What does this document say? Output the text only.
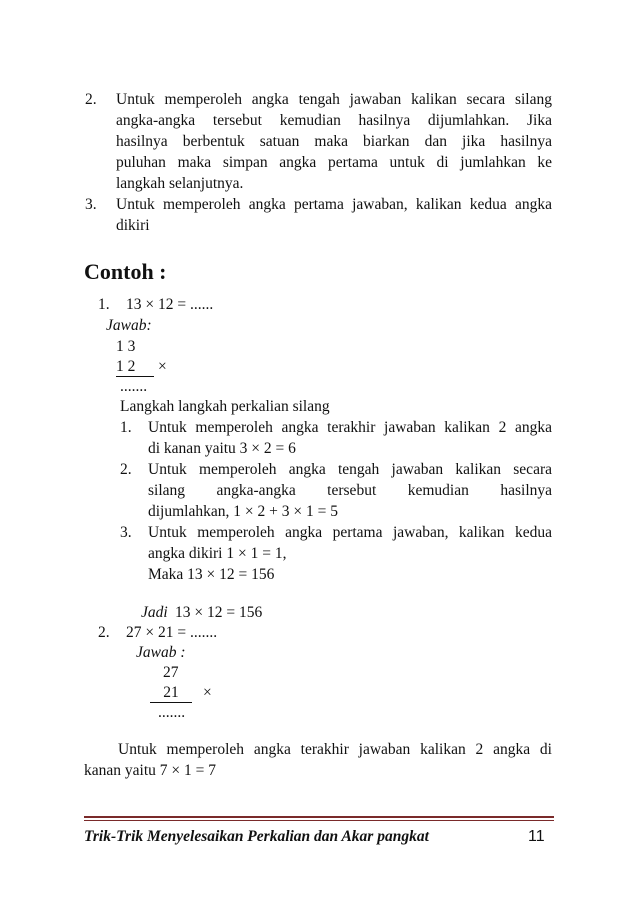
2. Untuk memperoleh angka tengah jawaban kalikan secara silang
angka-angka tersebut kemudian hasilnya dijumlahkan. Jika
hasilnya berbentuk satuan maka biarkan dan jika hasilnya
puluhan maka simpan angka pertama untuk di jumlahkan ke
langkah selanjutnya.
3. Untuk memperoleh angka pertama jawaban, kalikan kedua angka
dikiri
Contoh :
1. 13 × 12 = ......
Jawab:
1 3
1 2	×
.......
Langkah langkah perkalian silang
1. Untuk memperoleh angka terakhir jawaban kalikan 2 angka
di kanan yaitu 3 × 2 = 6
2. Untuk memperoleh angka tengah jawaban kalikan secara
silang angka-angka tersebut kemudian hasilnya
dijumlahkan, 1 × 2 + 3 × 1 = 5
3. Untuk memperoleh angka pertama jawaban, kalikan kedua
angka dikiri 1 × 1 = 1,
Maka 13 × 12 = 156
Jadi 13 × 12 = 156
2. 27 × 21 = .......
Jawab :
27
21	×
.......
Untuk memperoleh angka terakhir jawaban kalikan 2 angka di
kanan yaitu 7 × 1 = 7
Trik-Trik Menyelesaikan Perkalian dan Akar pangkat	11
